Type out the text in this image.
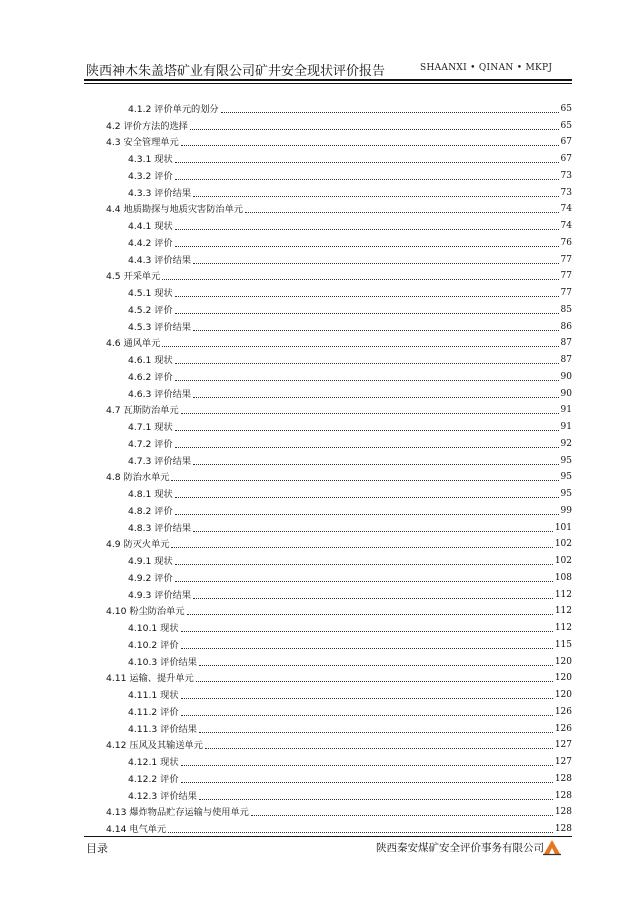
陕西神木朱盖塔矿业有限公司矿井安全现状评价报告	SHAANXI • QINAN • MKPJ
4.1.2 评价单元的划分	65
4.2 评价方法的选择	65
4.3 安全管理单元	67
4.3.1 现状	67
4.3.2 评价	73
4.3.3 评价结果	73
4.4 地质勘探与地质灾害防治单元	74
4.4.1 现状	74
4.4.2 评价	76
4.4.3 评价结果	77
4.5 开采单元	77
4.5.1 现状	77
4.5.2 评价	85
4.5.3 评价结果	86
4.6 通风单元	87
4.6.1 现状	87
4.6.2 评价	90
4.6.3 评价结果	90
4.7 瓦斯防治单元	91
4.7.1 现状	91
4.7.2 评价	92
4.7.3 评价结果	95
4.8 防治水单元	95
4.8.1 现状	95
4.8.2 评价	99
4.8.3 评价结果	101
4.9 防灭火单元	102
4.9.1 现状	102
4.9.2 评价	108
4.9.3 评价结果	112
4.10 粉尘防治单元	112
4.10.1 现状	112
4.10.2 评价	115
4.10.3 评价结果	120
4.11 运输、提升单元	120
4.11.1 现状	120
4.11.2 评价	126
4.11.3 评价结果	126
4.12 压风及其输送单元	127
4.12.1 现状	127
4.12.2 评价	128
4.12.3 评价结果	128
4.13 爆炸物品贮存运输与使用单元	128
4.14 电气单元	128
目录	陕西秦安煤矿安全评价事务有限公司
